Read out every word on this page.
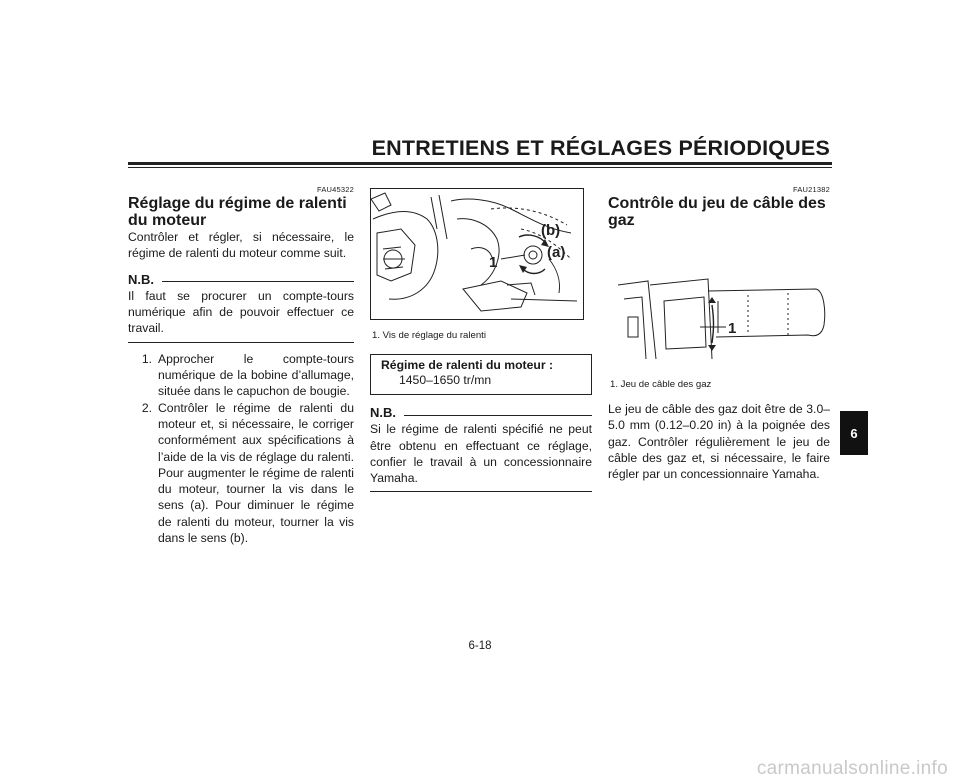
ENTRETIENS ET RÉGLAGES PÉRIODIQUES
FAU45322
Réglage du régime de ralenti du moteur

Contrôler et régler, si nécessaire, le régime de ralenti du moteur comme suit.

N.B.

Il faut se procurer un compte-tours numérique afin de pouvoir effectuer ce travail.

1. Approcher le compte-tours numérique de la bobine d’allumage, située dans le capuchon de bougie.
2. Contrôler le régime de ralenti du moteur et, si nécessaire, le corriger conformément aux spécifications à l’aide de la vis de réglage du ralenti. Pour augmenter le régime de ralenti du moteur, tourner la vis dans le sens (a). Pour diminuer le régime de ralenti du moteur, tourner la vis dans le sens (b).
1
(b)
(a)
1. Vis de réglage du ralenti
Régime de ralenti du moteur :
1450–1650 tr/mn
N.B.

Si le régime de ralenti spécifié ne peut être obtenu en effectuant ce réglage, confier le travail à un concessionnaire Yamaha.

FAU21382
Contrôle du jeu de câble des gaz
1
1. Jeu de câble des gaz

Le jeu de câble des gaz doit être de 3.0–5.0 mm (0.12–0.20 in) à la poignée des gaz. Contrôler régulièrement le jeu de câble des gaz et, si nécessaire, le faire régler par un concessionnaire Yamaha.

6
6-18
carmanualsonline.info
